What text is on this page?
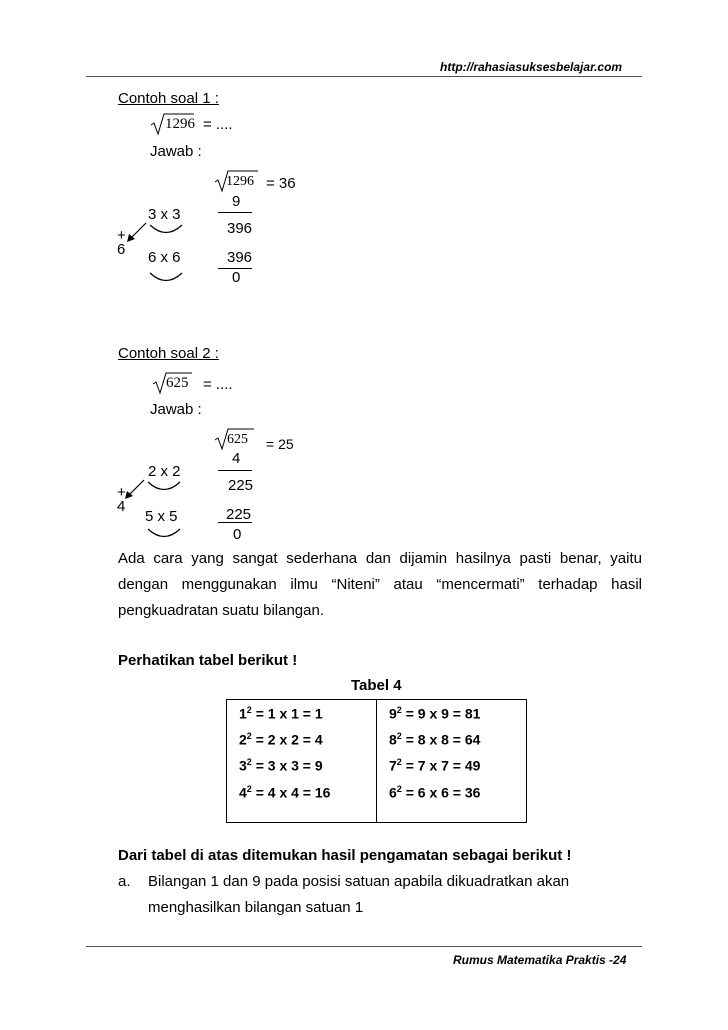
http://rahasiasuksesbelajar.com
Contoh soal 1 :
1296 = ....
Jawab :
1296 = 36
9
396
396
0
3 x 3
+
6 6 x 6
Contoh soal 2 :
625 = ....
Jawab :
625 = 25
4
225
225
0
2 x 2
+
4
5 x 5
Ada cara yang sangat sederhana dan dijamin hasilnya pasti benar, yaitu
dengan menggunakan ilmu “Niteni” atau “mencermati” terhadap hasil
pengkuadratan suatu bilangan.
Perhatikan tabel berikut !
Tabel 4
$1^2 = 1$ x 1 = 1	$9^2 = 9$ x 9 = 81
$2^2 = 2$ x 2 = 4	$8^2 = 8$ x 8 = 64
$3^2 = 3$ x 3 = 9	$7^2 = 7$ x 7 = 49
$4^2 = 4$ x 4 = 16	$6^2 = 6$ x 6 = 36
Dari tabel di atas ditemukan hasil pengamatan sebagai berikut !
a. Bilangan 1 dan 9 pada posisi satuan apabila dikuadratkan akan
menghasilkan bilangan satuan 1
Rumus Matematika Praktis -24
